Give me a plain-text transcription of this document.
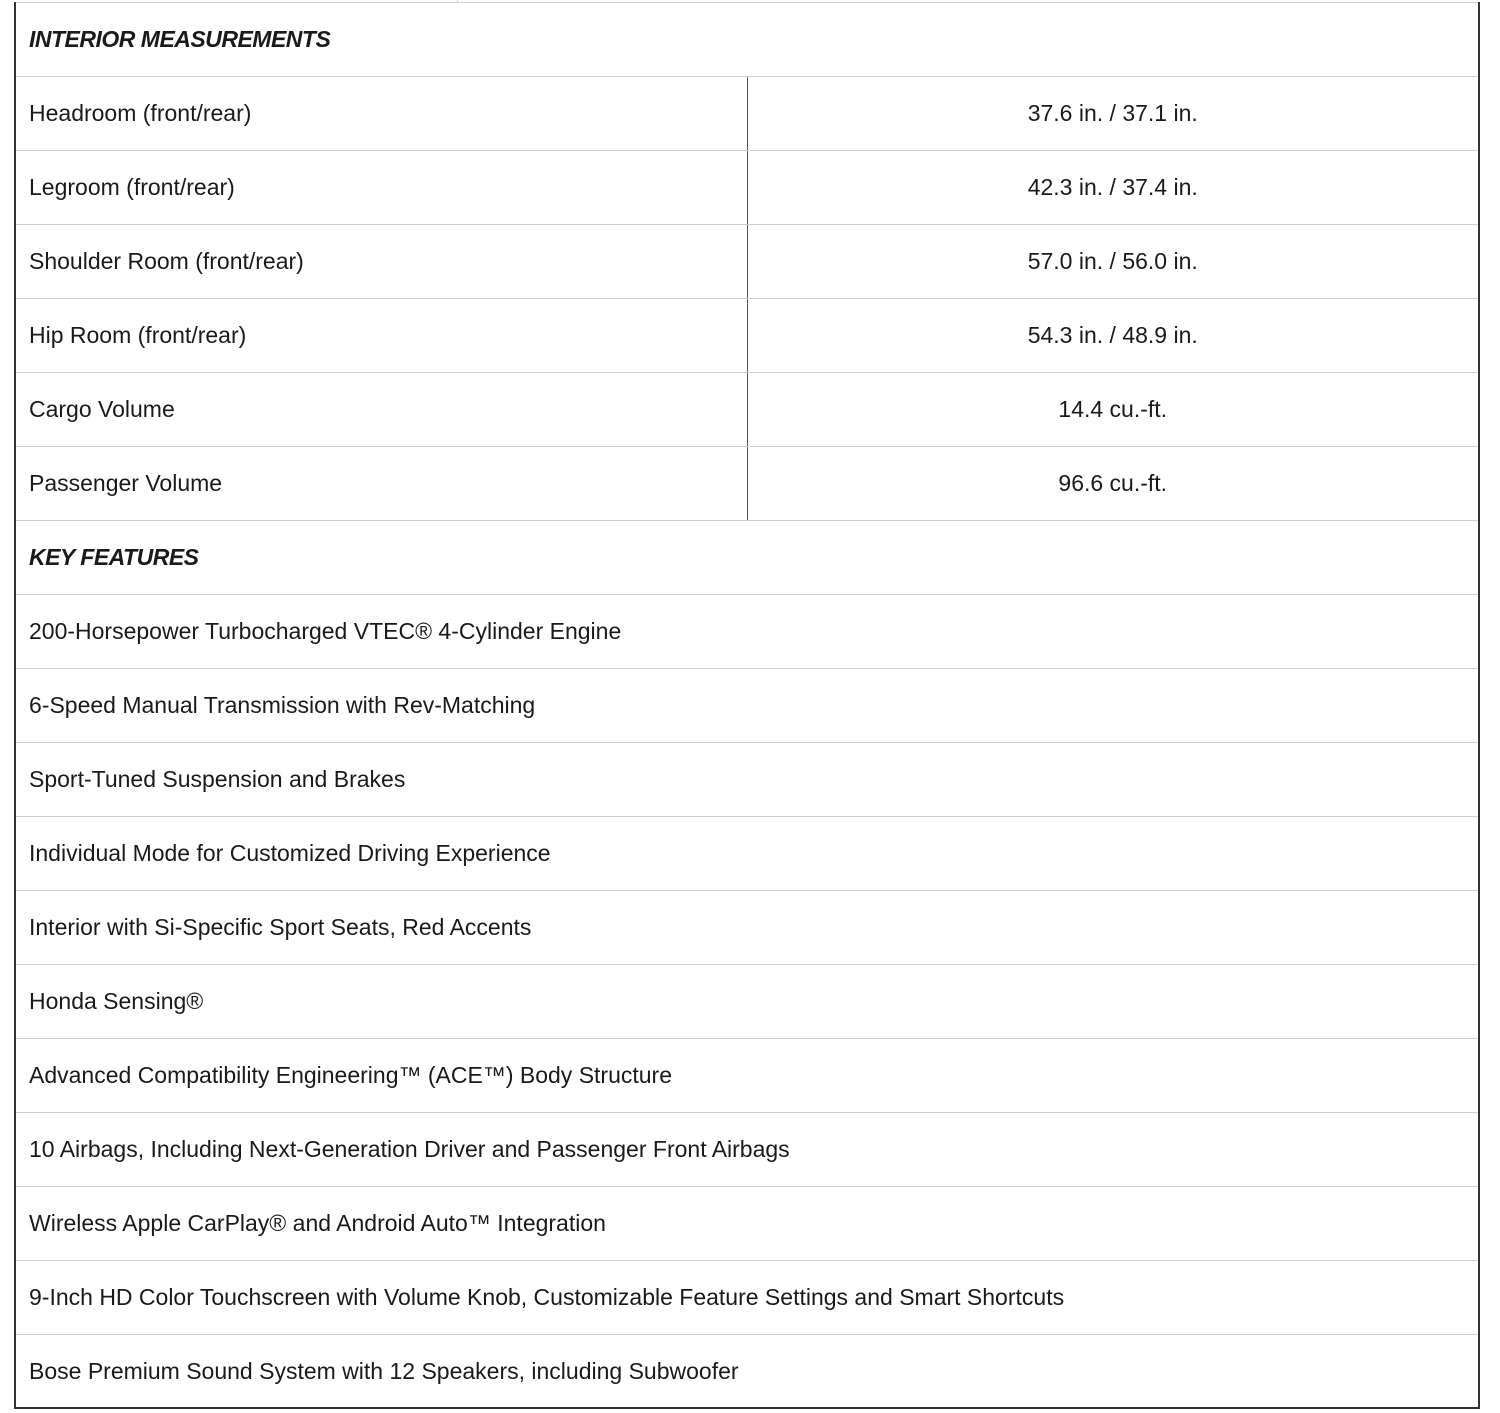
INTERIOR MEASUREMENTS	
Headroom (front/rear)	37.6 in. / 37.1 in.
Legroom (front/rear)	42.3 in. / 37.4 in.
Shoulder Room (front/rear)	57.0 in. / 56.0 in.
Hip Room (front/rear)	54.3 in. / 48.9 in.
Cargo Volume	14.4 cu.-ft.
Passenger Volume	96.6 cu.-ft.
KEY FEATURES	
200-Horsepower Turbocharged VTEC® 4-Cylinder Engine	
6-Speed Manual Transmission with Rev-Matching	
Sport-Tuned Suspension and Brakes	
Individual Mode for Customized Driving Experience	
Interior with Si-Specific Sport Seats, Red Accents	
Honda Sensing®	
Advanced Compatibility Engineering™ (ACE™) Body Structure	
10 Airbags, Including Next-Generation Driver and Passenger Front Airbags	
Wireless Apple CarPlay® and Android Auto™ Integration	
9-Inch HD Color Touchscreen with Volume Knob, Customizable Feature Settings and Smart Shortcuts	
Bose Premium Sound System with 12 Speakers, including Subwoofer	
